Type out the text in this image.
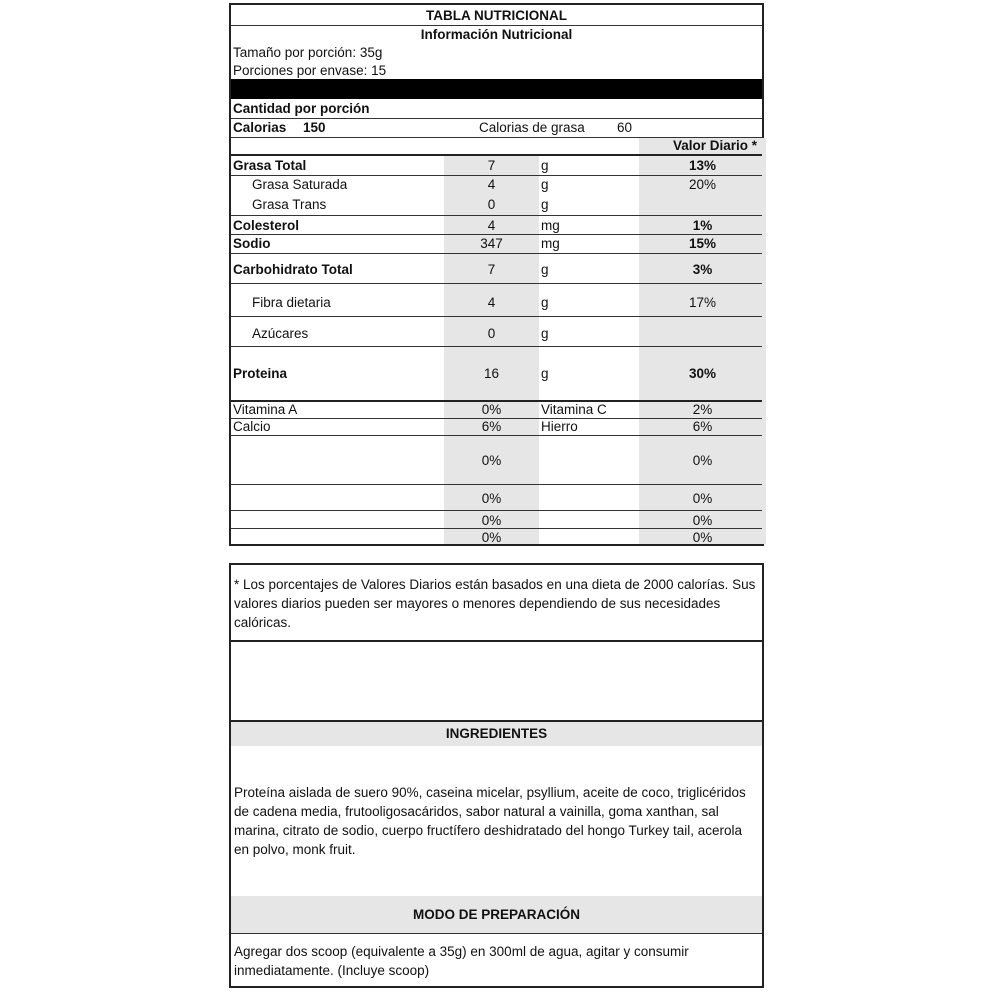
TABLA NUTRICIONAL
Información Nutricional
Tamaño por porción: 35g
Porciones por envase: 15
Cantidad por porción
Calorias 150	Calorias de grasa 60
Valor Diario *
Grasa Total	7	g	13%
Grasa Saturada	4	g	20%
Grasa Trans	0	g
Colesterol	4	mg	1%
Sodio	347	mg	15%
Carbohidrato Total	7	g	3%
Fibra dietaria	4	g	17%
Azúcares	0	g
Proteina	16	g	30%
Vitamina A	0%	Vitamina C	2%
Calcio	6%	Hierro	6%
0%	0%
0%	0%
0%	0%
0%	0%
* Los porcentajes de Valores Diarios están basados en una dieta de 2000 calorías. Sus valores diarios pueden ser mayores o menores dependiendo de sus necesidades calóricas.
INGREDIENTES
Proteína aislada de suero 90%, caseina micelar, psyllium, aceite de coco, triglicéridos de cadena media, frutooligosacáridos, sabor natural a vainilla, goma xanthan, sal marina, citrato de sodio, cuerpo fructífero deshidratado del hongo Turkey tail, acerola en polvo, monk fruit.
MODO DE PREPARACIÓN
Agregar dos scoop (equivalente a 35g) en 300ml de agua, agitar y consumir inmediatamente. (Incluye scoop)
